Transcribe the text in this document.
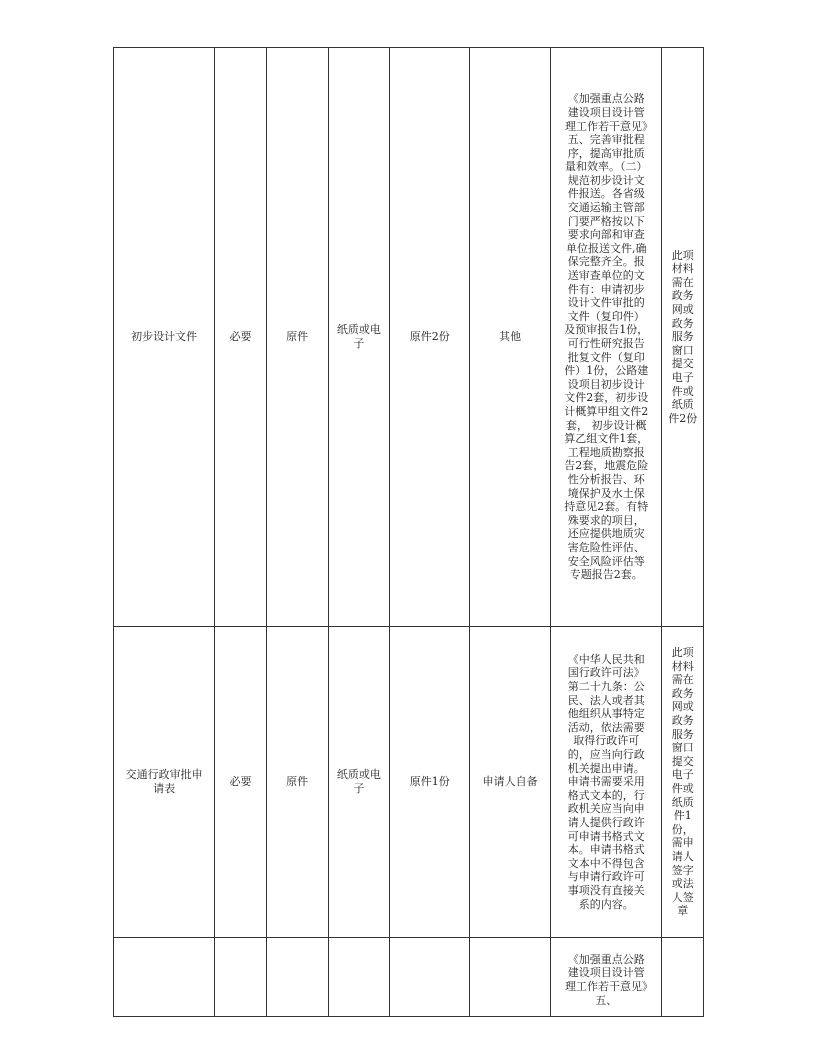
初步设计文件	必要	原件	纸质或电子	原件2份	其他	《加强重点公路建设项目设计管理工作若干意见》五、完善审批程序，提高审批质量和效率。（二）规范初步设计文件报送。各省级交通运输主管部门要严格按以下要求向部和审查单位报送文件,确保完整齐全。报送审查单位的文件有：申请初步设计文件审批的文件（复印件）及预审报告1份，可行性研究报告批复文件（复印件）1份，公路建设项目初步设计文件2套，初步设计概算甲组文件2套， 初步设计概算乙组文件1套，工程地质勘察报告2套，地震危险性分析报告、环境保护及水土保持意见2套。有特殊要求的项目，还应提供地质灾害危险性评估、安全风险评估等专题报告2套。	此项材料需在政务网或政务服务窗口提交电子件或纸质件2份

交通行政审批申请表	必要	原件	纸质或电子	原件1份	申请人自备	《中华人民共和国行政许可法》第二十九条：公民、法人或者其他组织从事特定活动，依法需要取得行政许可的，应当向行政机关提出申请。申请书需要采用格式文本的，行政机关应当向申请人提供行政许可申请书格式文本。申请书格式文本中不得包含与申请行政许可事项没有直接关系的内容。	此项材料需在政务网或政务服务窗口提交电子件或纸质件1份，需申请人签字或法人签章

						《加强重点公路建设项目设计管理工作若干意见》五、	
